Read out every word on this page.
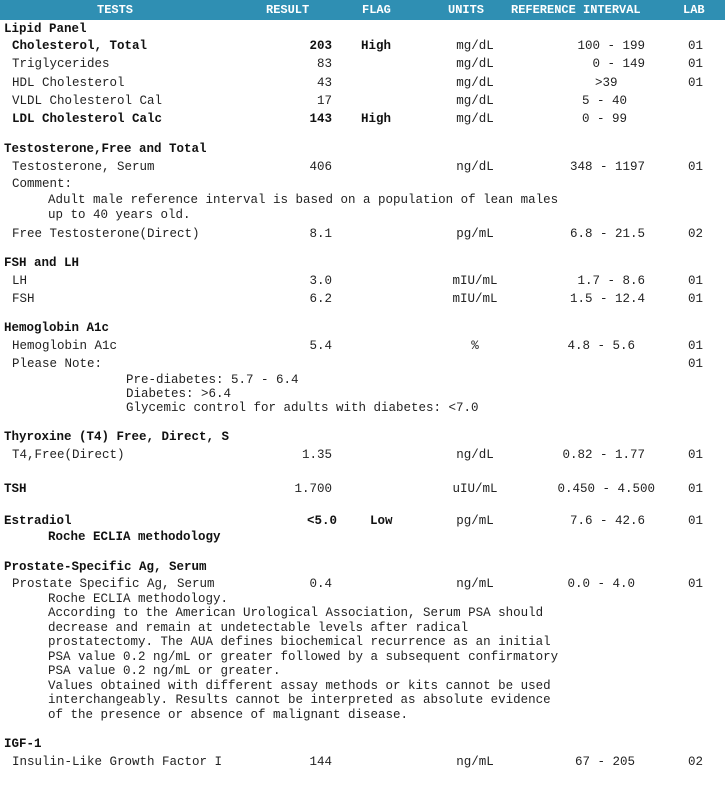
TESTS	RESULT	FLAG	UNITS REFERENCE INTERVAL	LAB
Lipid Panel
Cholesterol, Total	203 High	mg/dL	100 - 199	01
Triglycerides	83	mg/dL	0 - 149	01
HDL Cholesterol	43	mg/dL	>39	01
VLDL Cholesterol Cal	17	mg/dL	5 - 40
LDL Cholesterol Calc	143 High	mg/dL	0 - 99
Testosterone,Free and Total
Testosterone, Serum	406	ng/dL	348 - 1197	01
Comment:
Adult male reference interval is based on a population of lean males
up to 40 years old.
Free Testosterone(Direct)	8.1	pg/mL	6.8 - 21.5	02
FSH and LH
LH	3.0	mIU/mL	1.7 - 8.6	01
FSH	6.2	mIU/mL	1.5 - 12.4	01
Hemoglobin A1c
Hemoglobin A1c	5.4	%	4.8 - 5.6	01
Please Note:	01
Pre-diabetes: 5.7 - 6.4
Diabetes: >6.4
Glycemic control for adults with diabetes: <7.0
Thyroxine (T4) Free, Direct, S
T4,Free(Direct)	1.35	ng/dL	0.82 - 1.77	01
TSH	1.700	uIU/mL	0.450 - 4.500	01
Estradiol	<5.0	Low	pg/mL	7.6 - 42.6	01
Roche ECLIA methodology
Prostate-Specific Ag, Serum
Prostate Specific Ag, Serum	0.4	ng/mL	0.0 - 4.0	01
Roche ECLIA methodology.
According to the American Urological Association, Serum PSA should
decrease and remain at undetectable levels after radical
prostatectomy. The AUA defines biochemical recurrence as an initial
PSA value 0.2 ng/mL or greater followed by a subsequent confirmatory
PSA value 0.2 ng/mL or greater.
Values obtained with different assay methods or kits cannot be used
interchangeably. Results cannot be interpreted as absolute evidence
of the presence or absence of malignant disease.
IGF-1
Insulin-Like Growth Factor I	144	ng/mL	67 - 205	02
